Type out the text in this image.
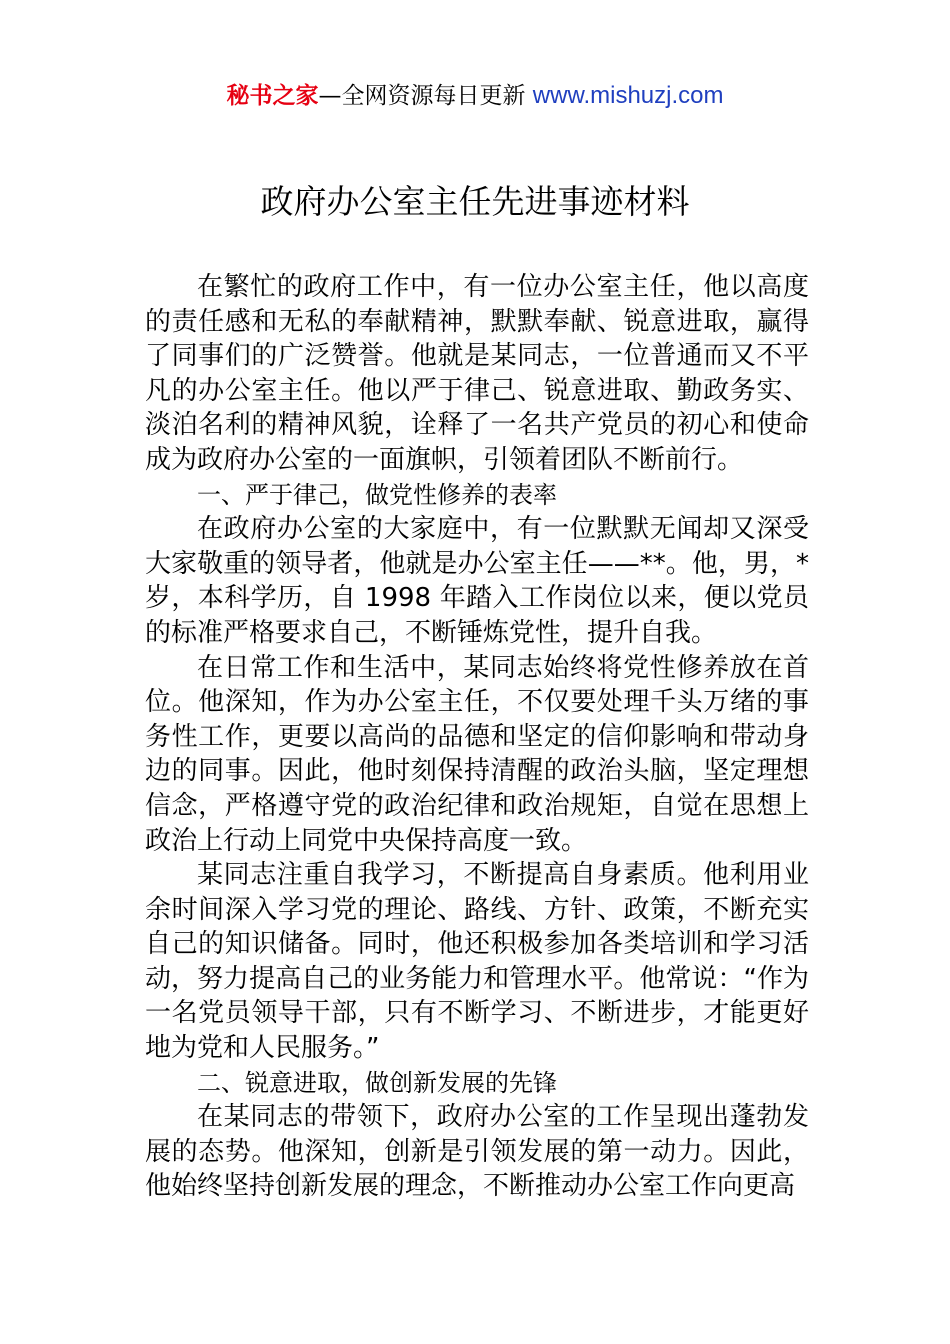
秘书之家—全网资源每日更新 www.mishuzj.com
政府办公室主任先进事迹材料

在繁忙的政府工作中，有一位办公室主任，他以高度的责任感和无私的奉献精神，默默奉献、锐意进取，赢得了同事们的广泛赞誉。他就是某同志，一位普通而又不平凡的办公室主任。他以严于律己、锐意进取、勤政务实、淡泊名利的精神风貌，诠释了一名共产党员的初心和使命成为政府办公室的一面旗帜，引领着团队不断前行。

一、严于律己，做党性修养的表率

在政府办公室的大家庭中，有一位默默无闻却又深受大家敬重的领导者，他就是办公室主任——**。他，男，*岁，本科学历，自 1998 年踏入工作岗位以来，便以党员的标准严格要求自己，不断锤炼党性，提升自我。

在日常工作和生活中，某同志始终将党性修养放在首位。他深知，作为办公室主任，不仅要处理千头万绪的事务性工作，更要以高尚的品德和坚定的信仰影响和带动身边的同事。因此，他时刻保持清醒的政治头脑，坚定理想信念，严格遵守党的政治纪律和政治规矩，自觉在思想上政治上行动上同党中央保持高度一致。

某同志注重自我学习，不断提高自身素质。他利用业余时间深入学习党的理论、路线、方针、政策，不断充实自己的知识储备。同时，他还积极参加各类培训和学习活动，努力提高自己的业务能力和管理水平。他常说：“作为一名党员领导干部，只有不断学习、不断进步，才能更好地为党和人民服务。”

二、锐意进取，做创新发展的先锋

在某同志的带领下，政府办公室的工作呈现出蓬勃发展的态势。他深知，创新是引领发展的第一动力。因此，他始终坚持创新发展的理念，不断推动办公室工作向更高
